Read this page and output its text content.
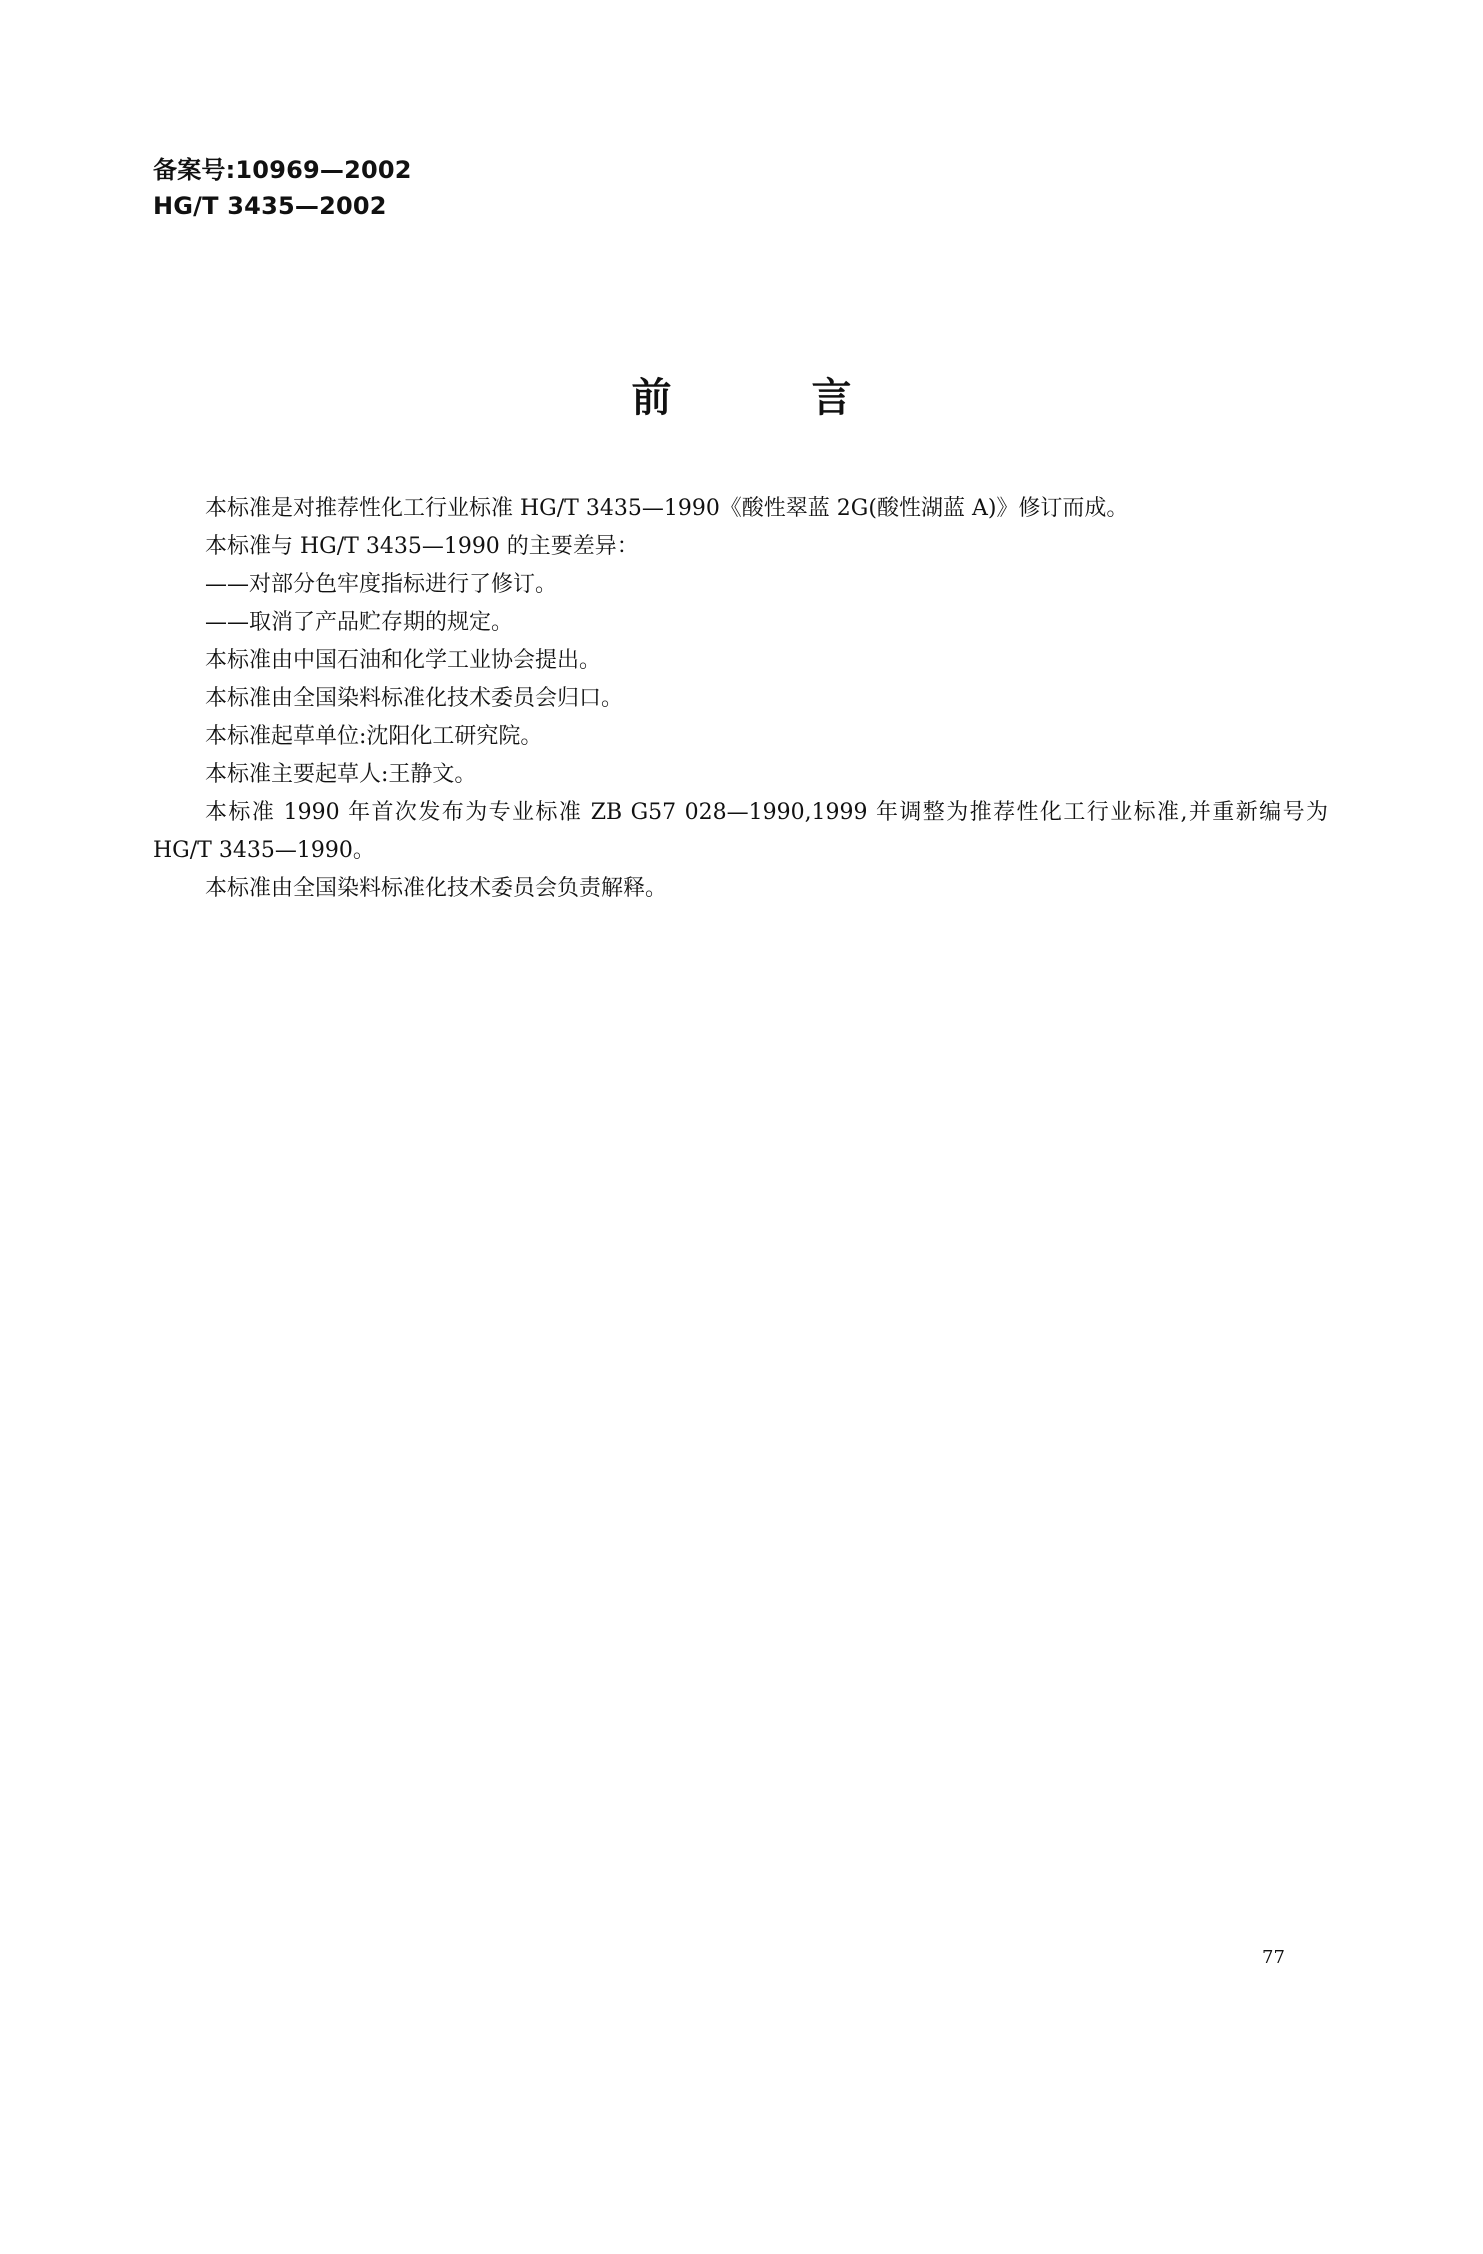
备案号:10969—2002
HG/T 3435—2002
前言

本标准是对推荐性化工行业标准 HG/T 3435—1990《酸性翠蓝 2G(酸性湖蓝 A)》修订而成。

本标准与 HG/T 3435—1990 的主要差异：

——对部分色牢度指标进行了修订。

——取消了产品贮存期的规定。

本标准由中国石油和化学工业协会提出。

本标准由全国染料标准化技术委员会归口。

本标准起草单位:沈阳化工研究院。

本标准主要起草人:王静文。

本标准 1990 年首次发布为专业标准 ZB G57 028—1990,1999 年调整为推荐性化工行业标准,并重新编号为 HG/T 3435—1990。

本标准由全国染料标准化技术委员会负责解释。

77
